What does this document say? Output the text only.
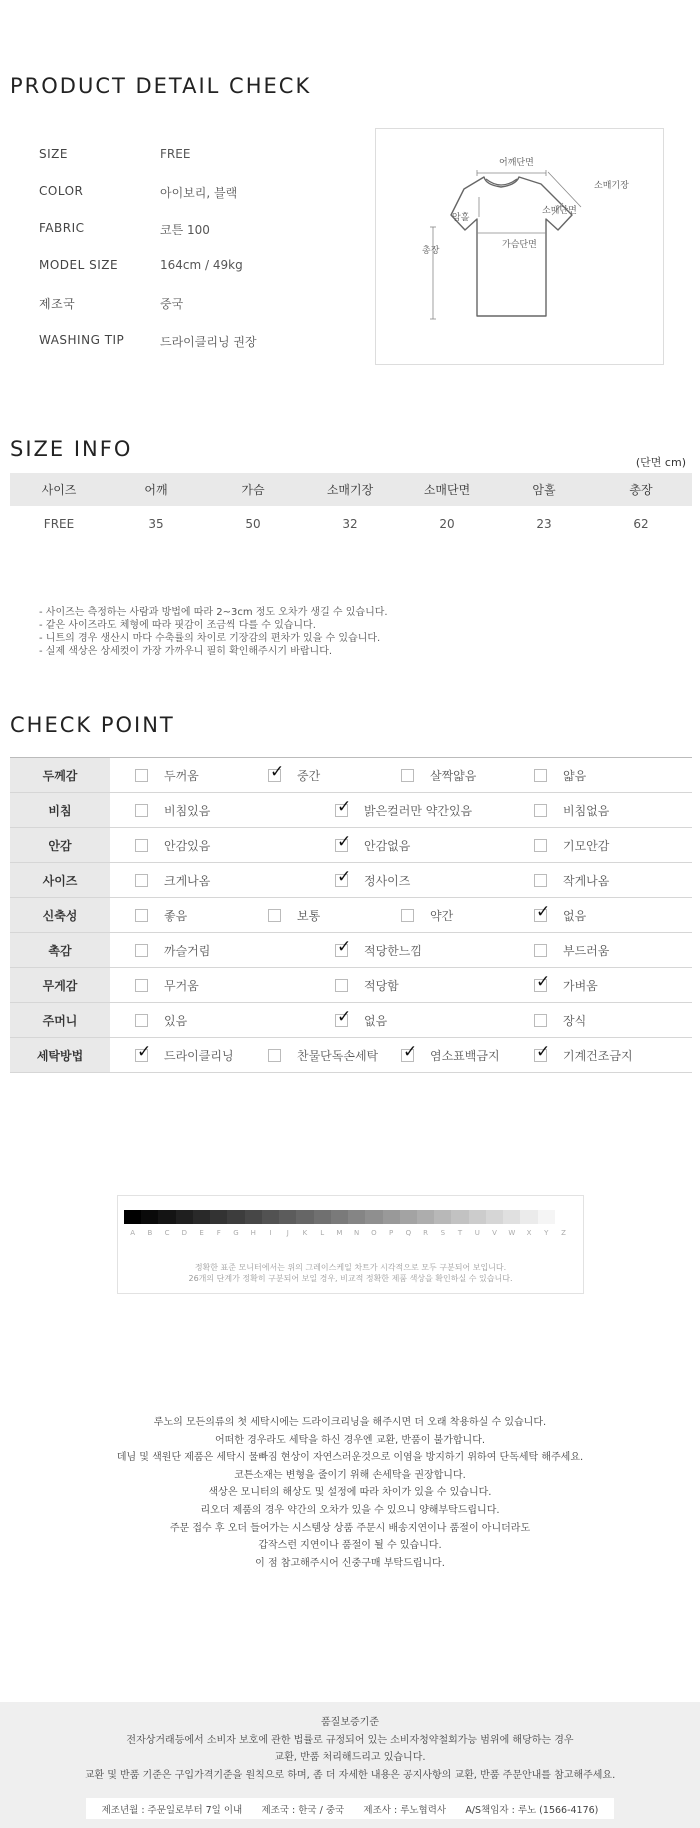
PRODUCT DETAIL CHECK
SIZE	FREE
COLOR	아이보리, 블랙
FABRIC	코튼 100
MODEL SIZE	164cm / 49kg
제조국	중국
WASHING TIP	드라이클리닝 권장
어깨단면
소매기장
암홀
소매단면
가슴단면
총장
SIZE INFO
(단면 cm)
사이즈	어깨	가슴	소매기장	소매단면	암홀	총장
FREE	35	50	32	20	23	62
- 사이즈는 측정하는 사람과 방법에 따라 2~3cm 정도 오차가 생길 수 있습니다.
- 같은 사이즈라도 체형에 따라 핏감이 조금씩 다를 수 있습니다.
- 니트의 경우 생산시 마다 수축률의 차이로 기장감의 편차가 있을 수 있습니다.
- 실제 색상은 상세컷이 가장 가까우니 필히 확인해주시기 바랍니다.
CHECK POINT
두께감	두꺼움	✓ 중간	살짝얇음	얇음
비침	비침있음	✓ 밝은컬러만 약간있음	비침없음
안감	안감있음	✓ 안감없음	기모안감
사이즈	크게나옴	✓ 정사이즈	작게나옴
신축성	좋음	보통	약간	✓ 없음
촉감	까슬거림	✓ 적당한느낌	부드러움
무게감	무거움	적당함	✓ 가벼움
주머니	있음	✓ 없음	장식
세탁방법	✓ 드라이클리닝	찬물단독손세탁 ✓ 염소표백금지 ✓ 기계건조금지
A	B	C	D	E	F	G	H	I	J	K	L	M	N	O	P	Q	R	S	T	U	V	W	X	Y	Z
정확한 표준 모니터에서는 위의 그레이스케일 차트가 시각적으로 모두 구분되어 보입니다.
26개의 단계가 정확히 구분되어 보일 경우, 비교적 정확한 제품 색상을 확인하실 수 있습니다.
루노의 모든의류의 첫 세탁시에는 드라이크리닝을 해주시면 더 오래 착용하실 수 있습니다.
어떠한 경우라도 세탁을 하신 경우엔 교환, 반품이 불가합니다.
데님 및 색원단 제품은 세탁시 물빠짐 현상이 자연스러운것으로 이염을 방지하기 위하여 단독세탁 해주세요.
코튼소재는 변형을 줄이기 위해 손세탁을 권장합니다.
색상은 모니터의 해상도 및 설정에 따라 차이가 있을 수 있습니다.
리오더 제품의 경우 약간의 오차가 있을 수 있으니 양해부탁드립니다.
주문 접수 후 오더 들어가는 시스템상 상품 주문시 배송지연이나 품절이 아니더라도
갑작스런 지연이나 품절이 될 수 있습니다.
이 점 참고해주시어 신중구매 부탁드립니다.
품질보증기준
전자상거래등에서 소비자 보호에 관한 법률로 규정되어 있는 소비자청약철회가능 범위에 해당하는 경우
교환, 반품 처리해드리고 있습니다.
교환 및 반품 기준은 구입가격기준을 원칙으로 하며, 좀 더 자세한 내용은 공지사항의 교환, 반품 주문안내를 참고해주세요.
제조년월 : 주문일로부터 7일 이내 제조국 : 한국 / 중국 제조사 : 루노협력사 A/S책임자 : 루노 (1566-4176)
